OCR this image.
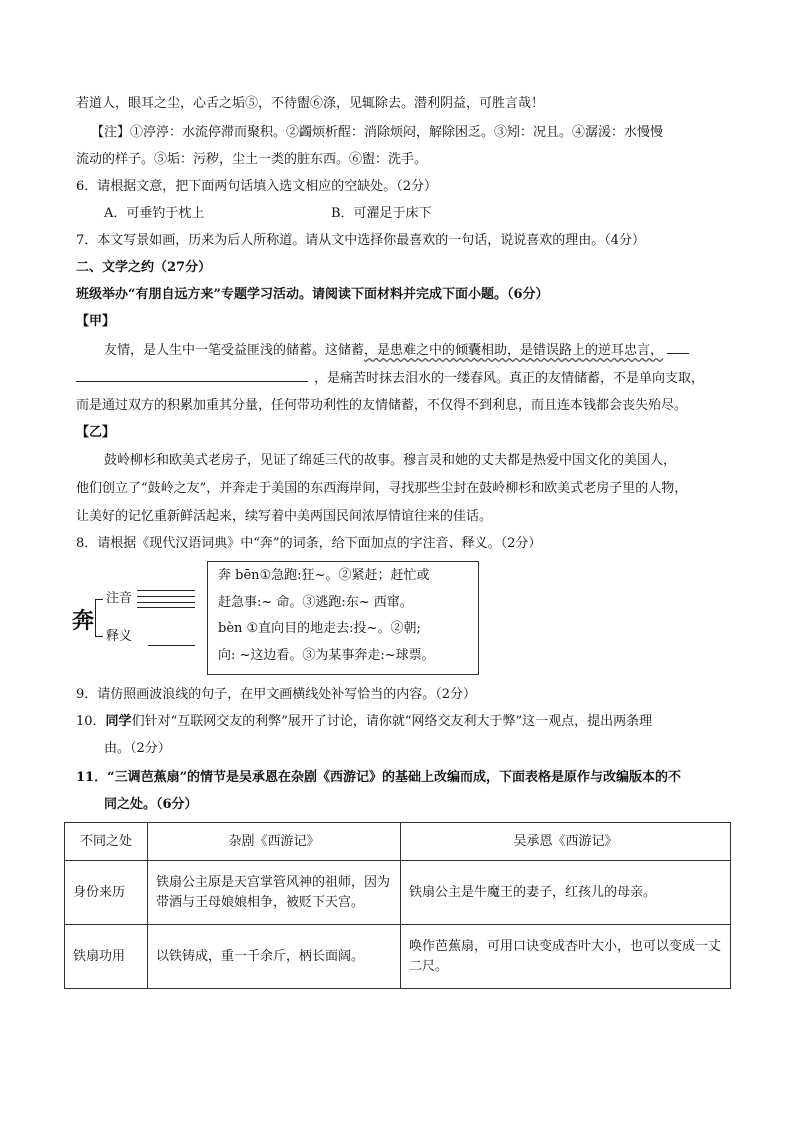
若道人，眼耳之尘，心舌之垢⑤，不待盥⑥涤，见辄除去。潜利阴益，可胜言哉！
【注】①渟渟：水流停滞而聚积。②蠲烦析酲：消除烦闷，解除困乏。③矧：况且。④潺湲：水慢慢
流动的样子。⑤垢：污秽，尘土一类的脏东西。⑥盥：洗手。
6．请根据文意，把下面两句话填入选文相应的空缺处。（2分）
A．可垂钓于枕上	B．可濯足于床下
7．本文写景如画，历来为后人所称道。请从文中选择你最喜欢的一句话，说说喜欢的理由。（4分）
二、文学之约（27分）
班级举办“有朋自远方来”专题学习活动。请阅读下面材料并完成下面小题。（6分）
【甲】
友情，是人生中一笔受益匪浅的储蓄。这储蓄，是患难之中的倾囊相助，是错误路上的逆耳忠言，
，是痛苦时抹去泪水的一缕春风。真正的友情储蓄，不是单向支取，
而是通过双方的积累加重其分量，任何带功利性的友情储蓄，不仅得不到利息，而且连本钱都会丧失殆尽。
【乙】
鼓岭柳杉和欧美式老房子，见证了绵延三代的故事。穆言灵和她的丈夫都是热爱中国文化的美国人，
他们创立了“鼓岭之友”，并奔走于美国的东西海岸间，寻找那些尘封在鼓岭柳杉和欧美式老房子里的人物，
让美好的记忆重新鲜活起来，续写着中美两国民间浓厚情谊往来的佳话。
8．请根据《现代汉语词典》中“奔”的词条，给下面加点的字注音、释义。（2分）
奔
注音
释义
奔 bēn①急跑:狂~。②紧赶；赶忙或
赶急事:~ 命。③逃跑:东~ 西窜。
bèn ①直向目的地走去:投~。②朝;
向: ~这边看。③为某事奔走:~球票。
9．请仿照画波浪线的句子，在甲文画横线处补写恰当的内容。（2分）
10．同学们针对“互联网交友的利弊”展开了讨论，请你就“网络交友利大于弊”这一观点，提出两条理
由。（2分）
11．“三调芭蕉扇”的情节是吴承恩在杂剧《西游记》的基础上改编而成，下面表格是原作与改编版本的不
同之处。（6分）
不同之处	杂剧《西游记》	吴承恩《西游记》
身份来历	铁扇公主原是天宫掌管风神的祖师，因为带酒与王母娘娘相争，被贬下天宫。	铁扇公主是牛魔王的妻子，红孩儿的母亲。
铁扇功用	以铁铸成，重一千余斤，柄长面阔。	唤作芭蕉扇，可用口诀变成杏叶大小，也可以变成一丈二尺。
